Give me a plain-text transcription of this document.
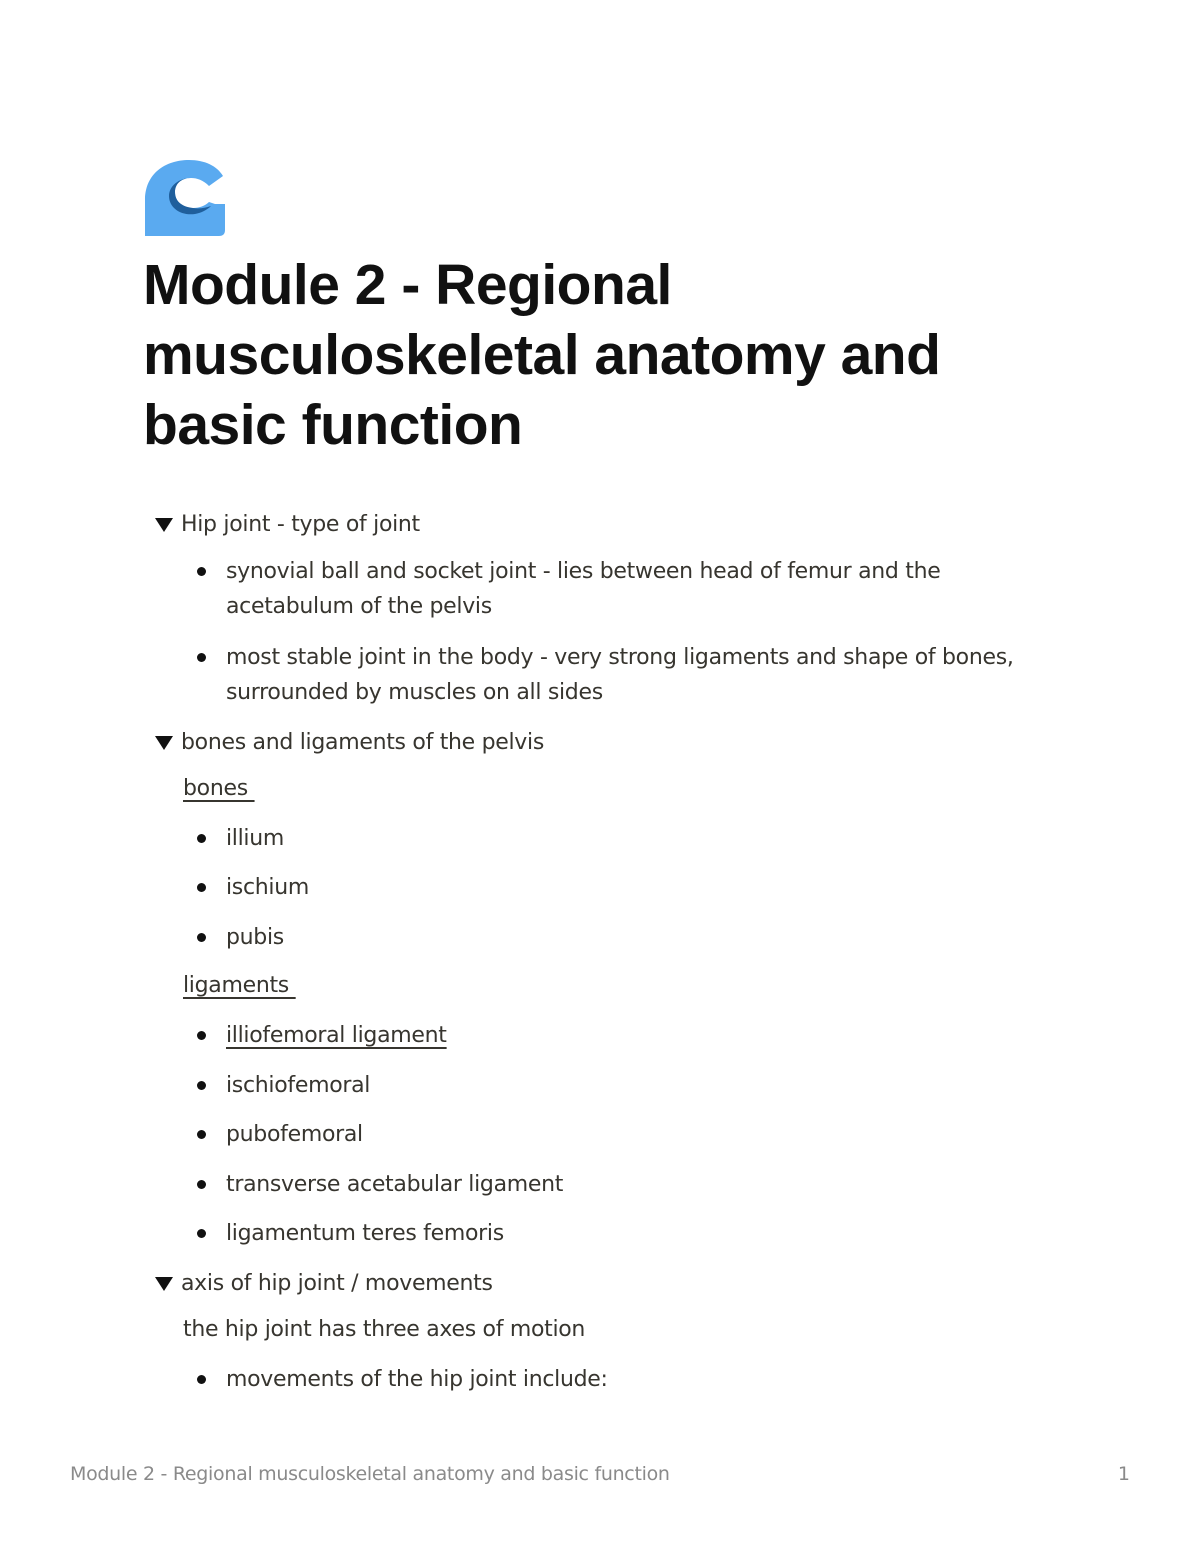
Module 2 - Regional musculoskeletal anatomy and basic function
Hip joint - type of joint
synovial ball and socket joint - lies between head of femur and the acetabulum of the pelvis
most stable joint in the body - very strong ligaments and shape of bones, surrounded by muscles on all sides
bones and ligaments of the pelvis
bones
illium
ischium
pubis
ligaments
illiofemoral ligament
ischiofemoral
pubofemoral
transverse acetabular ligament
ligamentum teres femoris
axis of hip joint / movements
the hip joint has three axes of motion
movements of the hip joint include:
Module 2 - Regional musculoskeletal anatomy and basic function	1
